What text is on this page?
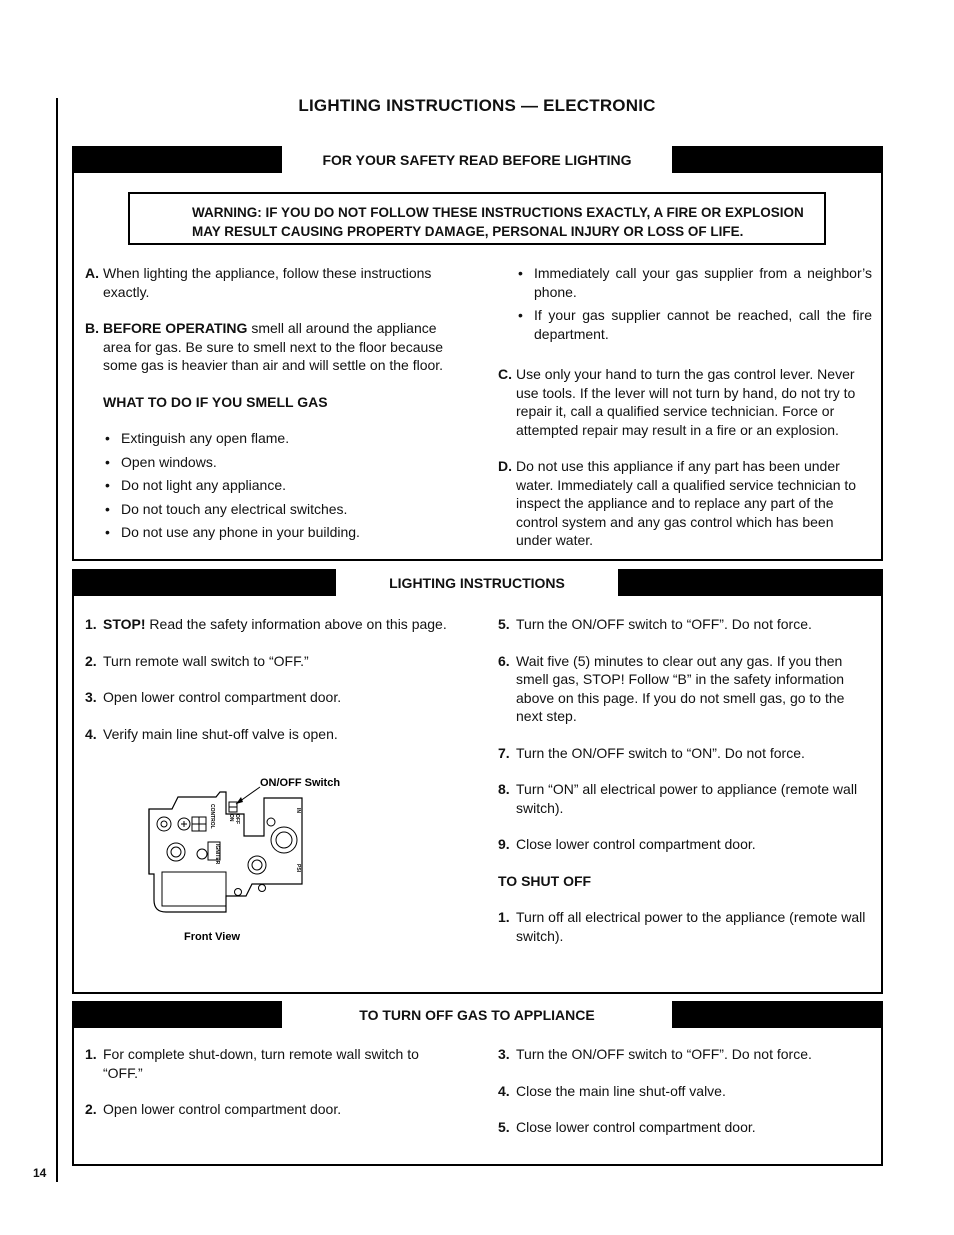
14
LIGHTING INSTRUCTIONS — ELECTRONIC
FOR YOUR SAFETY READ BEFORE LIGHTING
WARNING: IF YOU DO NOT FOLLOW THESE INSTRUCTIONS EXACTLY, A FIRE OR EXPLOSION
MAY RESULT CAUSING PROPERTY DAMAGE, PERSONAL INJURY OR LOSS OF LIFE.
A. When lighting the appliance, follow these instructions exactly.
B. BEFORE OPERATING smell all around the appliance area for gas. Be sure to smell next to the floor because some gas is heavier than air and will settle on the floor.
WHAT TO DO IF YOU SMELL GAS
• Extinguish any open flame.
• Open windows.
• Do not light any appliance.
• Do not touch any electrical switches.
• Do not use any phone in your building.
• Immediately call your gas supplier from a neighbor’s phone.
• If your gas supplier cannot be reached, call the fire department.
C. Use only your hand to turn the gas control lever. Never use tools. If the lever will not turn by hand, do not try to repair it, call a qualified service technician. Force or attempted repair may result in a fire or an explosion.
D. Do not use this appliance if any part has been under water. Immediately call a qualified service technician to inspect the appliance and to replace any part of the control system and any gas control which has been under water.
LIGHTING INSTRUCTIONS
1. STOP! Read the safety information above on this page.
2. Turn remote wall switch to “OFF.”
3. Open lower control compartment door.
4. Verify main line shut-off valve is open.
ON/OFF Switch
IGNITER
CONTROL	OFF
ON
IN
PSI
Front View
5. Turn the ON/OFF switch to “OFF”. Do not force.
6. Wait five (5) minutes to clear out any gas. If you then smell gas, STOP! Follow “B” in the safety information above on this page. If you do not smell gas, go to the next step.
7. Turn the ON/OFF switch to “ON”. Do not force.
8. Turn “ON” all electrical power to appliance (remote wall switch).
9. Close lower control compartment door.
TO SHUT OFF
1. Turn off all electrical power to the appliance (remote wall switch).
TO TURN OFF GAS TO APPLIANCE
1. For complete shut-down, turn remote wall switch to “OFF.”
2. Open lower control compartment door.
3. Turn the ON/OFF switch to “OFF”. Do not force.
4. Close the main line shut-off valve.
5. Close lower control compartment door.
